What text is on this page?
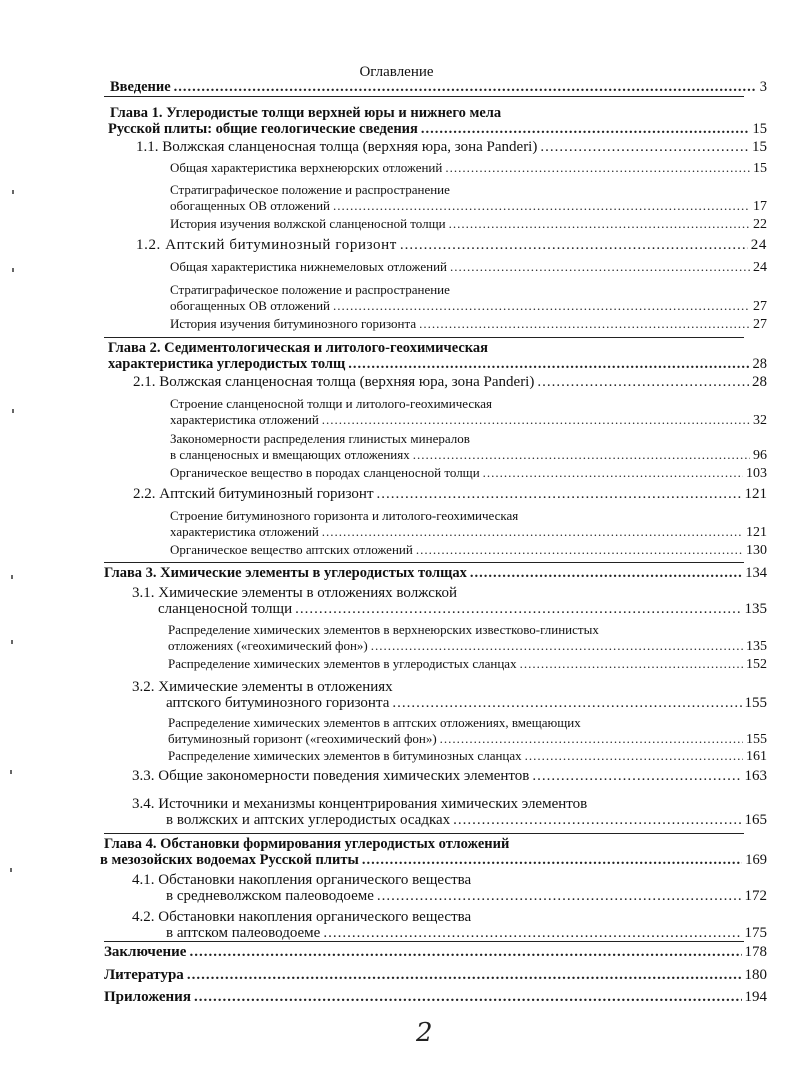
Оглавление
Введение .....	3
Глава 1. Углеродистые толщи верхней юры и нижнего мела
Русской плиты: общие геологические сведения .....	15
1.1. Волжская сланценосная толща (верхняя юра, зона Panderi) .....	15
Общая характеристика верхнеюрских отложений .....	15
Стратиграфическое положение и распространение
обогащенных ОВ отложений .....	17
История изучения волжской сланценосной толщи .....	22
1.2. Аптский битуминозный горизонт .....	24
Общая характеристика нижнемеловых отложений .....	24
Стратиграфическое положение и распространение
обогащенных ОВ отложений .....	27
История изучения битуминозного горизонта .....	27
Глава 2. Седиментологическая и литолого-геохимическая
характеристика углеродистых толщ .....	28
2.1. Волжская сланценосная толща (верхняя юра, зона Panderi) .....	28
Строение сланценосной толщи и литолого-геохимическая
характеристика отложений .....	32
Закономерности распределения глинистых минералов
в сланценосных и вмещающих отложениях .....	96
Органическое вещество в породах сланценосной толщи .....	103
2.2. Аптский битуминозный горизонт .....	121
Строение битуминозного горизонта и литолого-геохимическая
характеристика отложений .....	121
Органическое вещество аптских отложений .....	130
Глава 3. Химические элементы в углеродистых толщах .....	134
3.1. Химические элементы в отложениях волжской
сланценосной толщи .....	135
Распределение химических элементов в верхнеюрских известково-глинистых
отложениях («геохимический фон») .....	135
Распределение химических элементов в углеродистых сланцах .....	152
3.2. Химические элементы в отложениях
аптского битуминозного горизонта .....	155
Распределение химических элементов в аптских отложениях, вмещающих
битуминозный горизонт («геохимический фон») .....	155
Распределение химических элементов в битуминозных сланцах .....	161
3.3. Общие закономерности поведения химических элементов .....	163
3.4. Источники и механизмы концентрирования химических элементов
в волжских и аптских углеродистых осадках .....	165
Глава 4. Обстановки формирования углеродистых отложений
в мезозойских водоемах Русской плиты .....	169
4.1. Обстановки накопления органического вещества
в средневолжском палеоводоеме .....	172
4.2. Обстановки накопления органического вещества
в аптском палеоводоеме .....	175
Заключение .....	178
Литература .....	180
Приложения .....	194
2
